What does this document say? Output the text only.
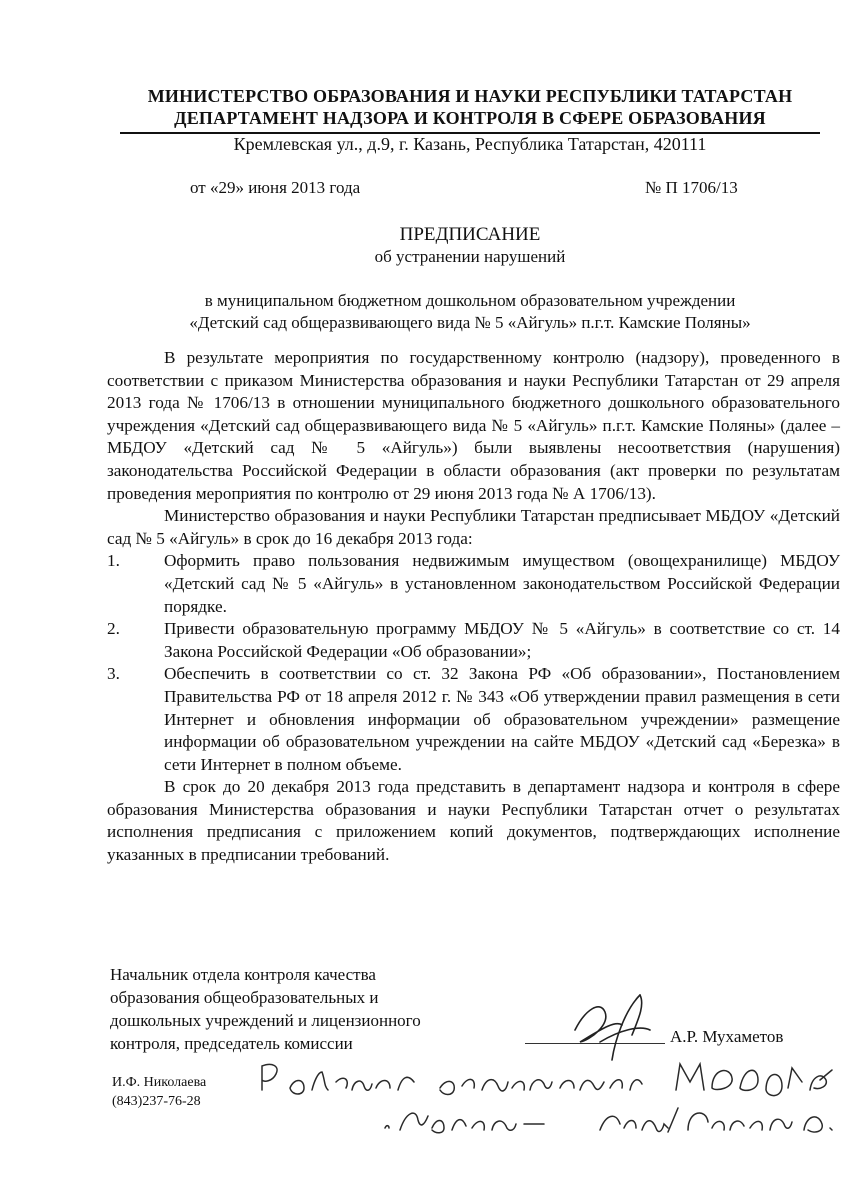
МИНИСТЕРСТВО ОБРАЗОВАНИЯ И НАУКИ РЕСПУБЛИКИ ТАТАРСТАН
ДЕПАРТАМЕНТ НАДЗОРА И КОНТРОЛЯ В СФЕРЕ ОБРАЗОВАНИЯ
Кремлевская ул., д.9, г. Казань, Республика Татарстан, 420111
от «29» июня 2013 года	№ П 1706/13
ПРЕДПИСАНИЕ
об устранении нарушений
в муниципальном бюджетном дошкольном образовательном учреждении
«Детский сад общеразвивающего вида № 5 «Айгуль» п.г.т. Камские Поляны»

В результате мероприятия по государственному контролю (надзору), проведенного в соответствии с приказом Министерства образования и науки Республики Татарстан от 29 апреля 2013 года № 1706/13 в отношении муниципального бюджетного дошкольного образовательного учреждения «Детский сад общеразвивающего вида № 5 «Айгуль» п.г.т. Камские Поляны» (далее – МБДОУ «Детский сад № 5 «Айгуль») были выявлены несоответствия (нарушения) законодательства Российской Федерации в области образования (акт проверки по результатам проведения мероприятия по контролю от 29 июня 2013 года № А 1706/13).

Министерство образования и науки Республики Татарстан предписывает МБДОУ «Детский сад № 5 «Айгуль» в срок до 16 декабря 2013 года:

1.	Оформить право пользования недвижимым имуществом (овощехранилище) МБДОУ «Детский сад № 5 «Айгуль» в установленном законодательством Российской Федерации порядке.
2.	Привести образовательную программу МБДОУ № 5 «Айгуль» в соответствие со ст. 14 Закона Российской Федерации «Об образовании»;
3.	Обеспечить в соответствии со ст. 32 Закона РФ «Об образовании», Постановлением Правительства РФ от 18 апреля 2012 г. № 343 «Об утверждении правил размещения в сети Интернет и обновления информации об образовательном учреждении» размещение информации об образовательном учреждении на сайте МБДОУ «Детский сад «Березка» в сети Интернет в полном объеме.

В срок до 20 декабря 2013 года представить в департамент надзора и контроля в сфере образования Министерства образования и науки Республики Татарстан отчет о результатах исполнения предписания с приложением копий документов, подтверждающих исполнение указанных в предписании требований.

Начальник отдела контроля качества
образования общеобразовательных и
дошкольных учреждений и лицензионного
контроля, председатель комиссии	А.Р. Мухаметов
И.Ф. Николаева
(843)237-76-28
